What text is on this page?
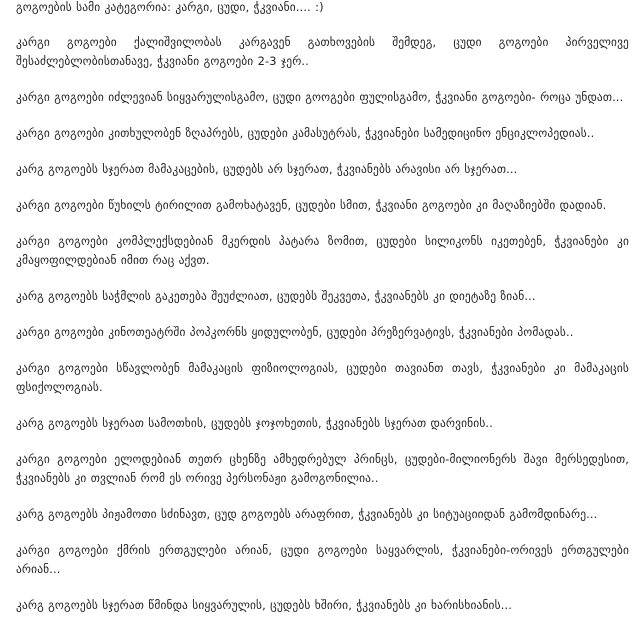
გოგოების სამი კატეგორია: კარგი, ცუდი, ჭკვიანი.... :)

კარგი გოგოები ქალიშვილობას კარგავენ გათხოვების შემდეგ, ცუდი გოგოები პირველივე შესაძლებლობისთანავე, ჭკვიანი გოგოები 2-3 ჯერ..

კარგი გოგოები იძლევიან სიყვარულისგამო, ცუდი გოოგები ფულისგამო, ჭკვიანი გოგოები- როცა უნდათ...

კარგი გოგოები კითხულობენ ზღაპრებს, ცუდები კამასუტრას, ჭკვიანები სამედიცინო ენციკლოპედიას..

კარგ გოგოებს სჯერათ მამაკაცების, ცუდებს არ სჯერათ, ჭკვიანებს არავისი არ სჯერათ...

კარგი გოგოები წუხილს ტირილით გამოხატავენ, ცუდები სმით, ჭკვიანი გოგოები კი მაღაზიებში დადიან.

კარგი გოგოები კომპლექსდებიან მკერდის პატარა ზომით, ცუდები სილიკონს იკეთებენ, ჭკვიანები კი კმაყოფილდებიან იმით რაც აქვთ.

კარგ გოგოებს საჭმლის გაკეთება შეუძლიათ, ცუდებს შეკვეთა, ჭკვიანებს კი დიეტაზე ზიან...

კარგი გოგოები კინოთეატრში პოპკორნს ყიდულობენ, ცუდები პრეზერვატივს, ჭკვიანები პომადას..

კარგი გოგოები სწავლობენ მამაკაცის ფიზიოლოგიას, ცუდები თავიანთ თავს, ჭკვიანები კი მამაკაცის ფსიქოლოგიას.

კარგ გოგოებს სჯერათ სამოთხის, ცუდებს ჯოჯოხეთის, ჭკვიანებს სჯერათ დარვინის..

კარგი გოგოები ელოდებიან თეთრ ცხენზე ამხედრებულ პრინცს, ცუდები-მილიონერს შავი მერსედესით, ჭკვიანებს კი თვლიან რომ ეს ორივე პერსონაჟი გამოგონილია..

კარგ გოგოებს პიჟამოთი სძინავთ, ცუდ გოგოებს არაფრით, ჭკვიანებს კი სიტუაციიდან გამომდინარე...

კარგი გოგოები ქმრის ერთგულები არიან, ცუდი გოგოები საყვარლის, ჭკვიანები-ორივეს ერთგულები არიან...

კარგ გოგოებს სჯერათ წმინდა სიყვარულის, ცუდებს ხშირი, ჭკვიანებს კი ხარისხიანის...
